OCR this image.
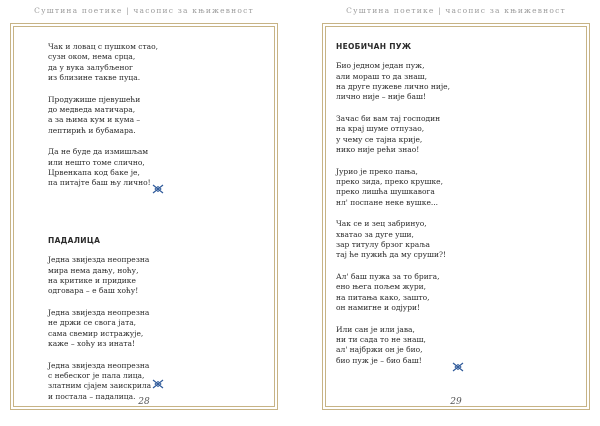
Суштина поетике | часопис за књижевност
Чак и ловац с пушком стао,
сузн оком, нема срца,
да у вука залубљеног
из близине такве пуца.
Продужише пјевушећи
до медведа матичара,
а за њима кум и кума –
лептирић и бубамара.
Да не буде да измишљам
или нешто томе слично,
Црвенкапа код баке је,
па питајте баш њу лично!
ПАДАЛИЦА
Једна звијезда неопрезна
мира нема дању, ноћу,
на критике и придике
одговара – е баш хоћу!
Једна звијезда неопрезна
не држи се свога јата,
сама свемир истражује,
каже – хоћу из ината!
Једна звијезда неопрезна
с небеског је пала лица,
златним сјајем заискрила
и постала – падалица.
28
Суштина поетике | часопис за књижевност
НЕОБИЧАН ПУЖ
Био једном један пуж,
али мораш то да знаш,
на друге пужеве лично није,
лично није – није баш!
Зачас би вам тај господин
на крај шуме отпузао,
у чему се тајна крије,
нико није рећи знао!
Јурио је преко пања,
преко зида, преко крушке,
преко лишћа шушкавога
нл' поспане неке вушке...
Чак се и зец забринуо,
хватао за дуге уши,
зар титулу брзог краља
тај ће пужић да му сруши?!
Ал' баш пужа за то брига,
ено њега пољем жури,
на питања како, зашто,
он намигне и одјури!
Или сан је или јава,
ни ти сада то не знаш,
ал' најбржи он је био,
био пуж је – био баш!
29
